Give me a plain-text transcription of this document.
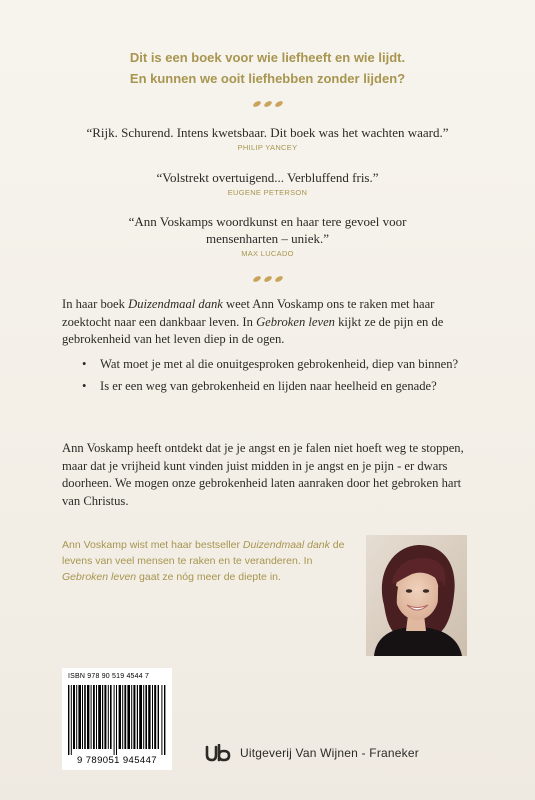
Dit is een boek voor wie liefheeft en wie lijdt.
En kunnen we ooit liefhebben zonder lijden?
“Rijk. Schurend. Intens kwetsbaar. Dit boek was het wachten waard.”
PHILIP YANCEY
“Volstrekt overtuigend... Verbluffend fris.”
EUGENE PETERSON
“Ann Voskamps woordkunst en haar tere gevoel voor
mensenharten – uniek.”
MAX LUCADO

In haar boek Duizendmaal dank weet Ann Voskamp ons te raken met haar zoektocht naar een dankbaar leven. In Gebroken leven kijkt ze de pijn en de gebrokenheid van het leven diep in de ogen.

• Wat moet je met al die onuitgesproken gebrokenheid, diep van binnen?
• Is er een weg van gebrokenheid en lijden naar heelheid en genade?

Ann Voskamp heeft ontdekt dat je je angst en je falen niet hoeft weg te stoppen, maar dat je vrijheid kunt vinden juist midden in je angst en je pijn - er dwars doorheen. We mogen onze gebrokenheid laten aanraken door het gebroken hart van Christus.

Ann Voskamp wist met haar bestseller Duizendmaal dank de levens van veel mensen te raken en te veranderen. In Gebroken leven gaat ze nóg meer de diepte in.

ISBN 978 90 519 4544 7
9 789051 945447
Uitgeverij Van Wijnen - Franeker
